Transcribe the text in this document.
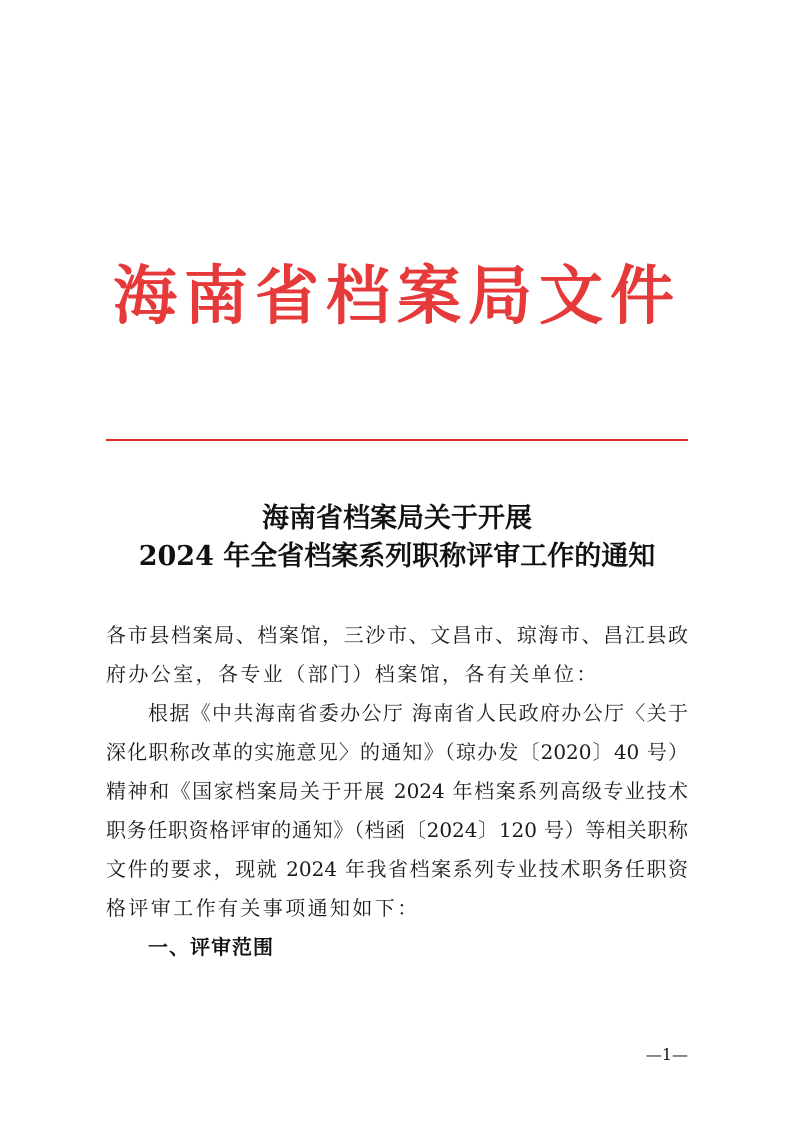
海南省档案局文件
海南省档案局关于开展
2024 年全省档案系列职称评审工作的通知
各市县档案局、档案馆，三沙市、文昌市、琼海市、昌江县政
府办公室，各专业（部门）档案馆，各有关单位：
根据《中共海南省委办公厅 海南省人民政府办公厅〈关于
深化职称改革的实施意见〉的通知》（琼办发〔2020〕40 号）
精神和《国家档案局关于开展 2024 年档案系列高级专业技术
职务任职资格评审的通知》（档函〔2024〕120 号）等相关职称
文件的要求，现就 2024 年我省档案系列专业技术职务任职资
格评审工作有关事项通知如下：
一、评审范围
—1—
